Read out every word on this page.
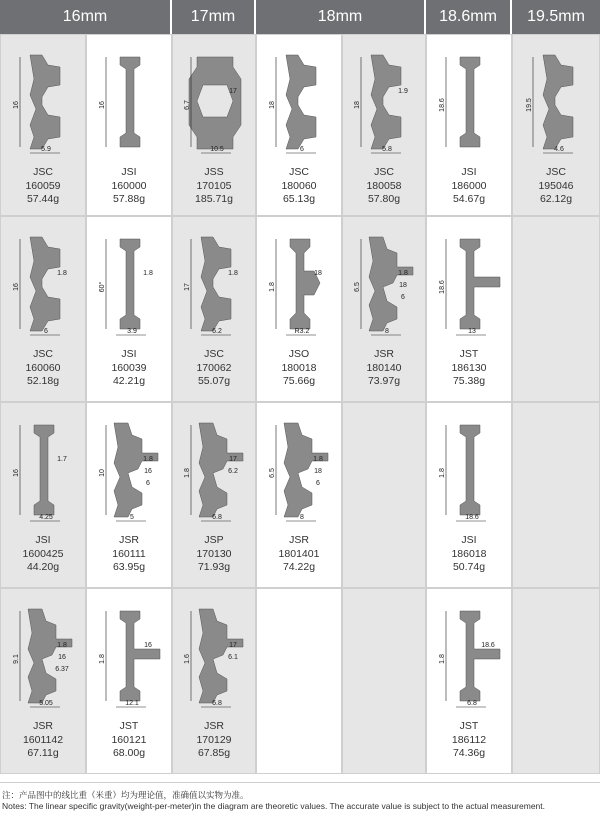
16mm	17mm	18mm	18.6mm	19.5mm
16
5.9
JSC
160059
57.44g
16
JSI
160000
57.88g
6.7
17
10.5
JSS
170105
185.71g
18
6
JSC
180060
65.13g
18
1.9
5.8
JSC
180058
57.80g
18.6
JSI
186000
54.67g
19.5
4.6
JSC
195046
62.12g
16
1.8
6
JSC
160060
52.18g
60°
1.8
3.9
JSI
160039
42.21g
17
1.8
6.2
JSC
170062
55.07g
1.8
18
R3.2
JSO
180018
75.66g
6.5
1.8
18
6
8
JSR
180140
73.97g
18.6
13
JST
186130
75.38g
16
1.7
4.25
JSI
1600425
44.20g
10
1.8
16
6
5
JSR
160111
63.95g
1.8
17
6.2
6.8
JSP
170130
71.93g
6.5
1.8
18
6
8
JSR
1801401
74.22g
1.8
18.6
JSI
186018
50.74g
9.1
1.8
16
6.37
5.05
JSR
1601142
67.11g
1.8
16
12.1
JST
160121
68.00g
1.6
17
6.1
6.8
JSR
170129
67.85g
1.8
18.6
6.8
JST
186112
74.36g
注：产品图中的线比重（米重）均为理论值，准确值以实物为准。
Notes: The linear specific gravity(weight-per-meter)in the diagram are theoretic values. The accurate value is subject to the actual measurement.
